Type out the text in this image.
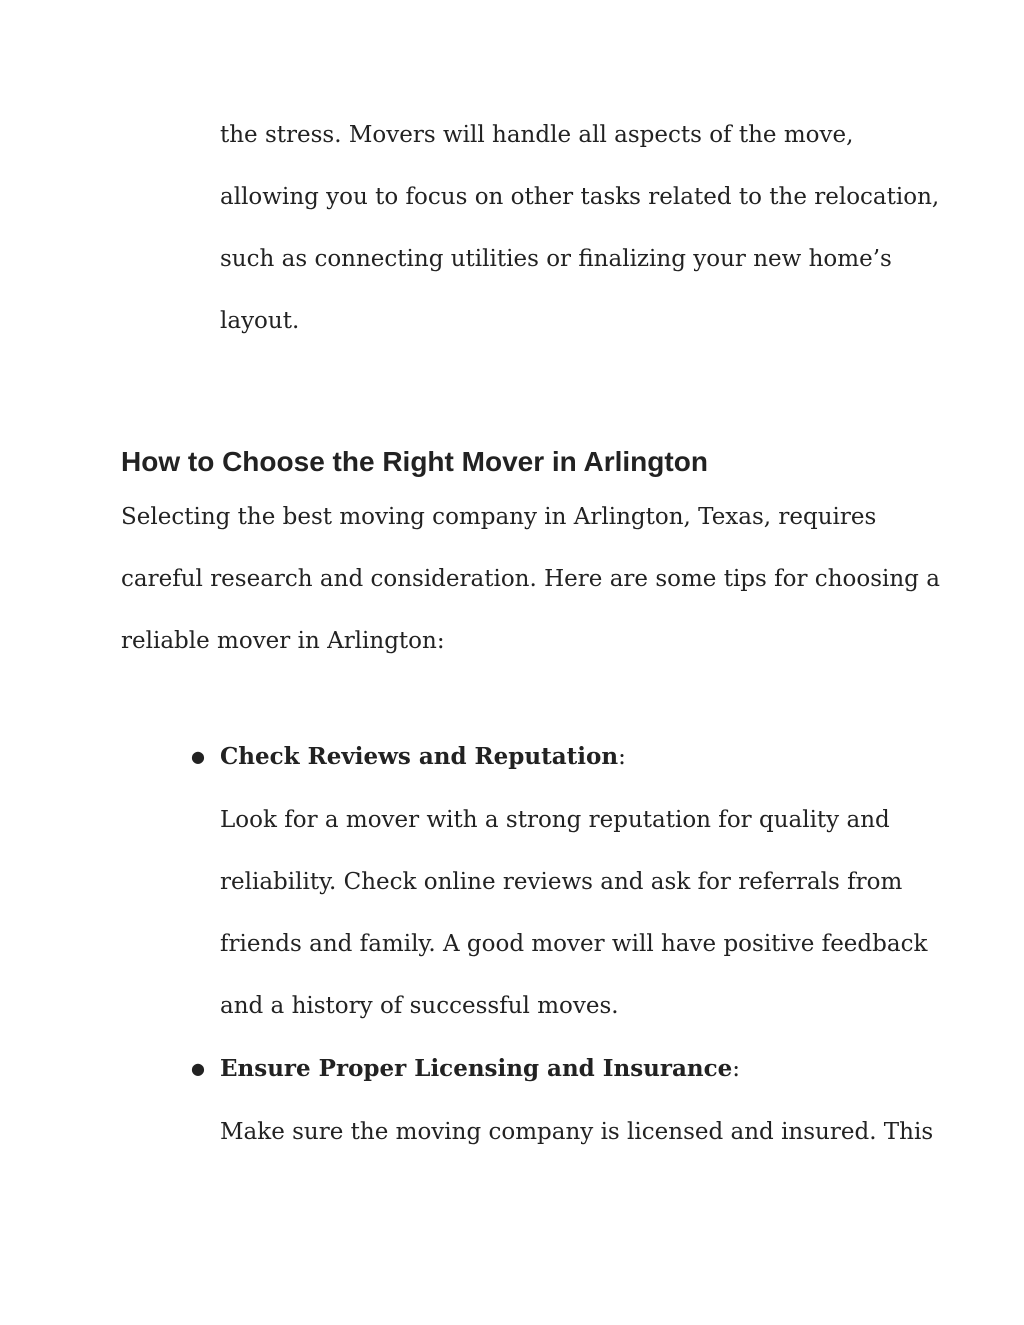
the stress. Movers will handle all aspects of the move,

allowing you to focus on other tasks related to the relocation,

such as connecting utilities or finalizing your new home’s

layout.

How to Choose the Right Mover in Arlington

Selecting the best moving company in Arlington, Texas, requires

careful research and consideration. Here are some tips for choosing a

reliable mover in Arlington:

● Check Reviews and Reputation:

Look for a mover with a strong reputation for quality and

reliability. Check online reviews and ask for referrals from

friends and family. A good mover will have positive feedback

and a history of successful moves.

● Ensure Proper Licensing and Insurance:

Make sure the moving company is licensed and insured. This
